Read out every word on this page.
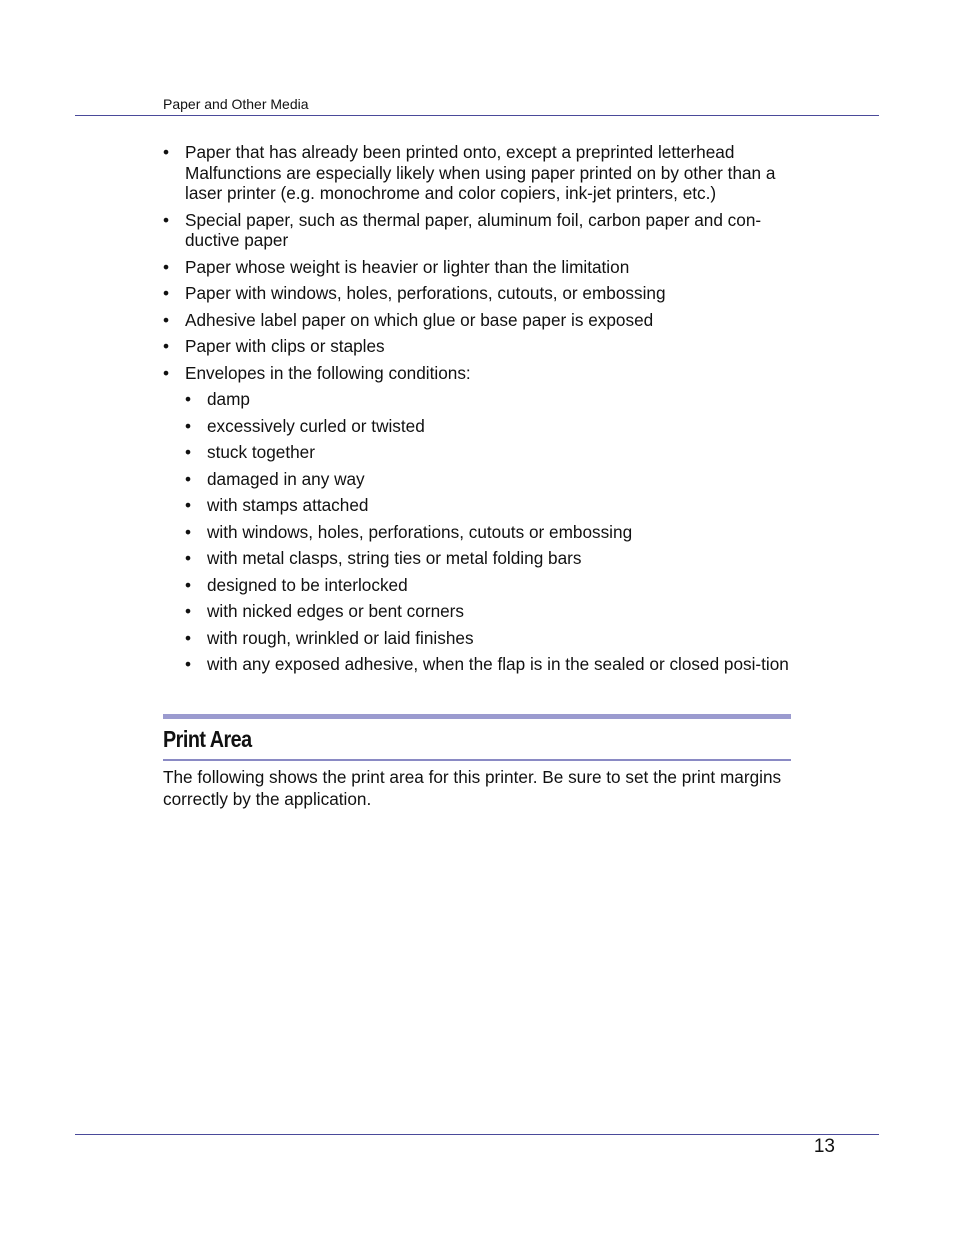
Paper and Other Media
• Paper that has already been printed onto, except a preprinted letterhead Malfunctions are especially likely when using paper printed on by other than a laser printer (e.g. monochrome and color copiers, ink-jet printers, etc.)
• Special paper, such as thermal paper, aluminum foil, carbon paper and con-ductive paper
• Paper whose weight is heavier or lighter than the limitation
• Paper with windows, holes, perforations, cutouts, or embossing
• Adhesive label paper on which glue or base paper is exposed
• Paper with clips or staples
• Envelopes in the following conditions:
• damp
• excessively curled or twisted
• stuck together
• damaged in any way
• with stamps attached
• with windows, holes, perforations, cutouts or embossing
• with metal clasps, string ties or metal folding bars
• designed to be interlocked
• with nicked edges or bent corners
• with rough, wrinkled or laid finishes
• with any exposed adhesive, when the flap is in the sealed or closed posi-tion
Print Area

The following shows the print area for this printer. Be sure to set the print margins correctly by the application.

13
